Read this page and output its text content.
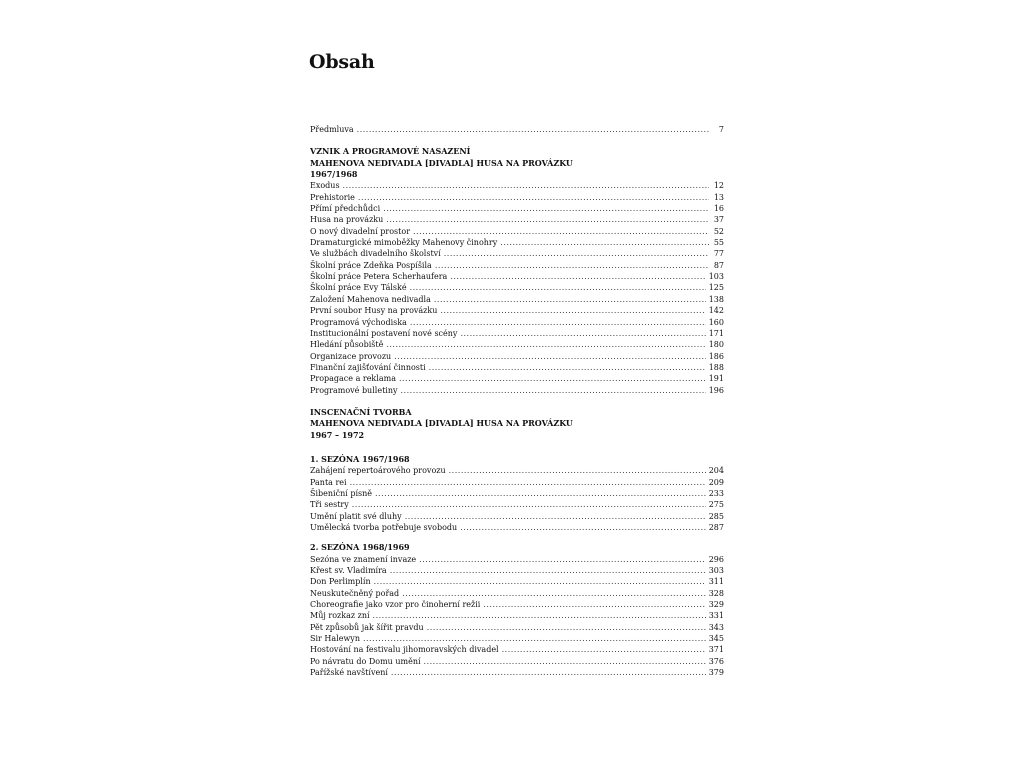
Obsah
Předmluva .....	7
VZNIK A PROGRAMOVÉ NASAZENÍ
MAHENOVA NEDIVADLA [DIVADLA] HUSA NA PROVÁZKU
1967/1968
Exodus .....	12
Prehistorie .....	13
Přímí předchůdci .....	16
Husa na provázku .....	37
O nový divadelní prostor .....	52
Dramaturgické mimoběžky Mahenovy činohry .....	55
Ve službách divadelního školství .....	77
Školní práce Zdeňka Pospíšila .....	87
Školní práce Petera Scherhaufera .....	103
Školní práce Evy Tálské .....	125
Založení Mahenova nedivadla .....	138
První soubor Husy na provázku .....	142
Programová východiska .....	160
Institucionální postavení nové scény .....	171
Hledání působiště .....	180
Organizace provozu .....	186
Finanční zajišťování činnosti .....	188
Propagace a reklama .....	191
Programové bulletiny .....	196
INSCENAČNÍ TVORBA
MAHENOVA NEDIVADLA [DIVADLA] HUSA NA PROVÁZKU
1967 – 1972
1. SEZÓNA 1967/1968
Zahájení repertoárového provozu .....	204
Panta rei .....	209
Šibeniční písně .....	233
Tři sestry .....	275
Umění platit své dluhy .....	285
Umělecká tvorba potřebuje svobodu .....	287
2. SEZÓNA 1968/1969
Sezóna ve znamení invaze .....	296
Křest sv. Vladimíra .....	303
Don Perlimplín .....	311
Neuskutečněný pořad .....	328
Choreografie jako vzor pro činoherní režii .....	329
Můj rozkaz zní .....	331
Pět způsobů jak šířit pravdu .....	343
Sir Halewyn .....	345
Hostování na festivalu jihomoravských divadel .....	371
Po návratu do Domu umění .....	376
Pařížské navštívení .....	379
